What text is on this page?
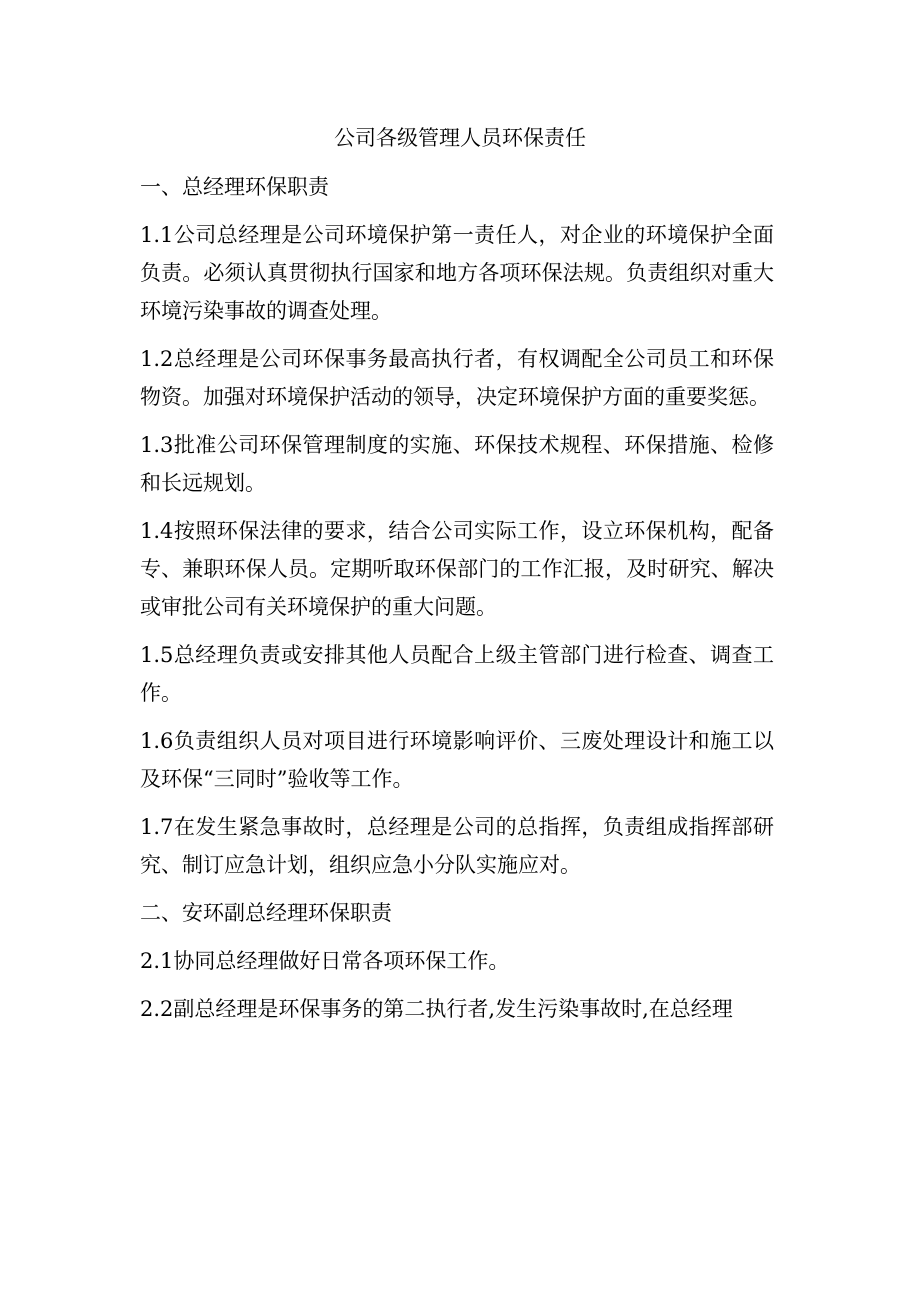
公司各级管理人员环保责任

一、总经理环保职责

1.1公司总经理是公司环境保护第一责任人，对企业的环境保护全面负责。必须认真贯彻执行国家和地方各项环保法规。负责组织对重大环境污染事故的调查处理。

1.2总经理是公司环保事务最高执行者，有权调配全公司员工和环保物资。加强对环境保护活动的领导，决定环境保护方面的重要奖惩。

1.3批准公司环保管理制度的实施、环保技术规程、环保措施、检修和长远规划。

1.4按照环保法律的要求，结合公司实际工作，设立环保机构，配备专、兼职环保人员。定期听取环保部门的工作汇报，及时研究、解决或审批公司有关环境保护的重大问题。

1.5总经理负责或安排其他人员配合上级主管部门进行检查、调查工作。

1.6负责组织人员对项目进行环境影响评价、三废处理设计和施工以及环保“三同时”验收等工作。

1.7在发生紧急事故时，总经理是公司的总指挥，负责组成指挥部研究、制订应急计划，组织应急小分队实施应对。

二、安环副总经理环保职责

2.1协同总经理做好日常各项环保工作。

2.2副总经理是环保事务的第二执行者,发生污染事故时,在总经理
